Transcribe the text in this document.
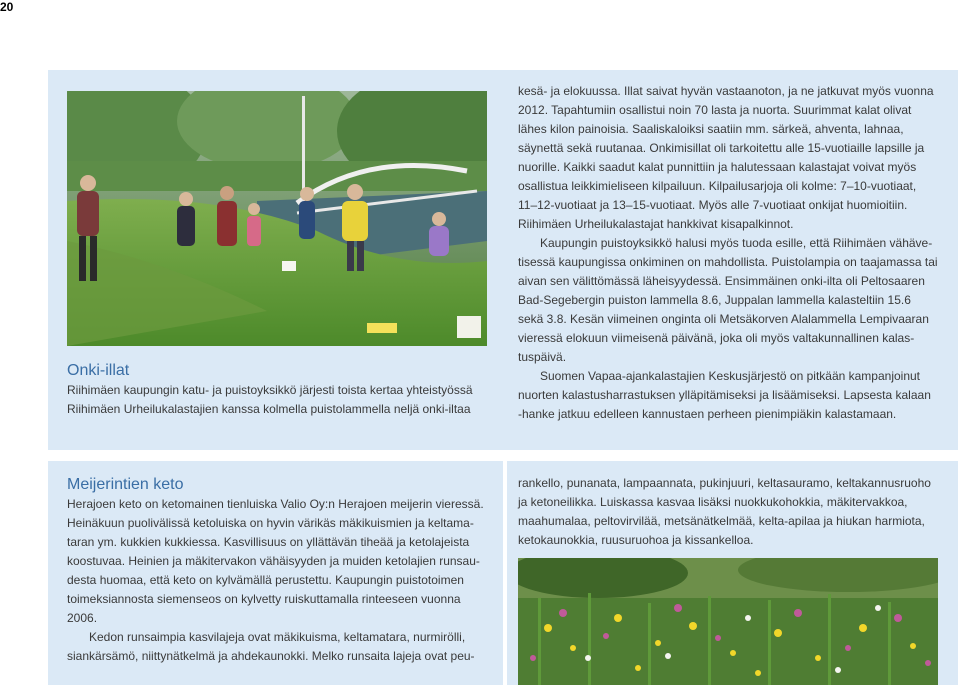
20
Onki-illat
Riihimäen kaupungin katu- ja puistoyksikkö järjesti toista kertaa yhteistyössä
Riihimäen Urheilukalastajien kanssa kolmella puistolammella neljä onki-iltaa
kesä- ja elokuussa. Illat saivat hyvän vastaanoton, ja ne jatkuvat myös vuonna
2012. Tapahtumiin osallistui noin 70 lasta ja nuorta. Suurimmat kalat olivat
lähes kilon painoisia. Saaliskaloiksi saatiin mm. särkeä, ahventa, lahnaa,
säynettä sekä ruutanaa. Onkimisillat oli tarkoitettu alle 15-vuotiaille lapsille ja
nuorille. Kaikki saadut kalat punnittiin ja halutessaan kalastajat voivat myös
osallistua leikkimieliseen kilpailuun. Kilpailusarjoja oli kolme: 7–10-vuotiaat,
11–12-vuotiaat ja 13–15-vuotiaat. Myös alle 7-vuotiaat onkijat huomioitiin.
Riihimäen Urheilukalastajat hankkivat kisapalkinnot.
Kaupungin puistoyksikkö halusi myös tuoda esille, että Riihimäen vähäve-
tisessä kaupungissa onkiminen on mahdollista. Puistolampia on taajamassa tai
aivan sen välittömässä läheisyydessä. Ensimmäinen onki-ilta oli Peltosaaren
Bad-Segebergin puiston lammella 8.6, Juppalan lammella kalasteltiin 15.6
sekä 3.8. Kesän viimeinen onginta oli Metsäkorven Alalammella Lempivaaran
vieressä elokuun viimeisenä päivänä, joka oli myös valtakunnallinen kalas-
tuspäivä.
Suomen Vapaa-ajankalastajien Keskusjärjestö on pitkään kampanjoinut
nuorten kalastusharrastuksen ylläpitämiseksi ja lisäämiseksi. Lapsesta kalaan
-hanke jatkuu edelleen kannustaen perheen pienimpiäkin kalastamaan.
Meijerintien keto
Herajoen keto on ketomainen tienluiska Valio Oy:n Herajoen meijerin vieressä.
Heinäkuun puolivälissä ketoluiska on hyvin värikäs mäkikuismien ja keltama-
taran ym. kukkien kukkiessa. Kasvillisuus on yllättävän tiheää ja ketolajeista
koostuvaa. Heinien ja mäkitervakon vähäisyyden ja muiden ketolajien runsau-
desta huomaa, että keto on kylvämällä perustettu. Kaupungin puistotoimen
toimeksiannosta siemenseos on kylvetty ruiskuttamalla rinteeseen vuonna
2006.
Kedon runsaimpia kasvilajeja ovat mäkikuisma, keltamatara, nurmirölli,
siankärsämö, niittynätkelmä ja ahdekaunokki. Melko runsaita lajeja ovat peu-
rankello, punanata, lampaannata, pukinjuuri, keltasauramo, keltakannusruoho
ja ketoneilikka. Luiskassa kasvaa lisäksi nuokkukohokkia, mäkitervakkoa,
maahumalaa, peltovirvilää, metsänätkelmää, kelta-apilaa ja hiukan harmiota,
ketokaunokkia, ruusuruohoa ja kissankelloa.
